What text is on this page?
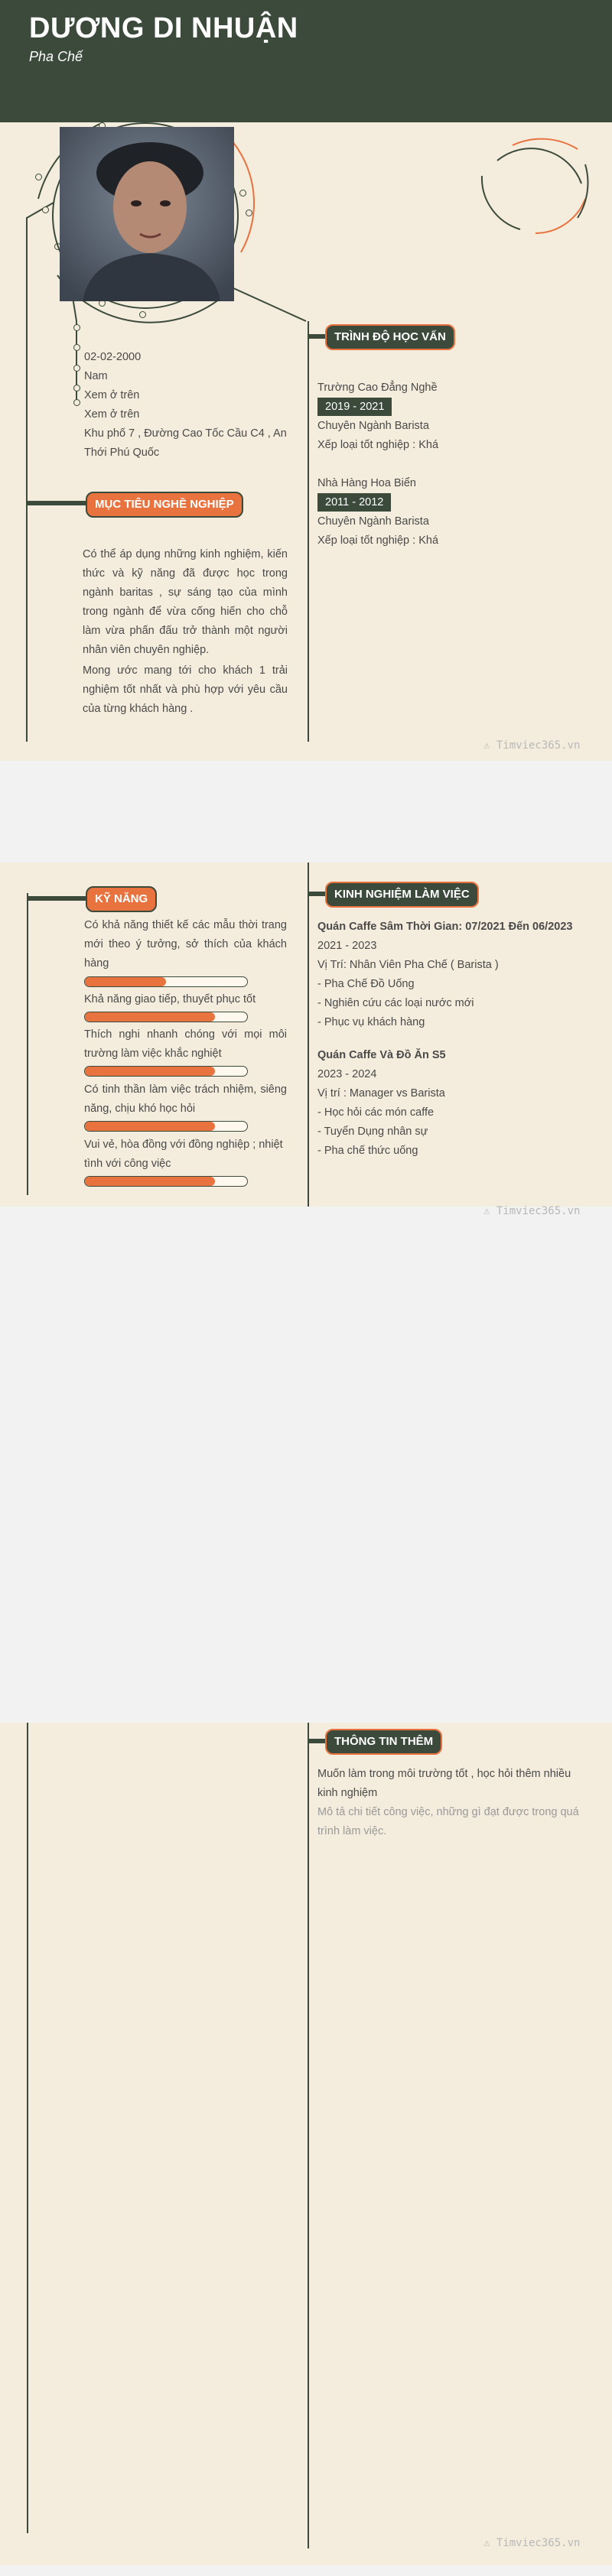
DƯƠNG DI NHUẬN
Pha Chế
02-02-2000
Nam
Xem ở trên
Xem ở trên
Khu phố 7 , Đường Cao Tốc Cầu C4 , An Thới Phú Quốc
MỤC TIÊU NGHỀ NGHIỆP
Có thể áp dụng những kinh nghiệm, kiến thức và kỹ năng đã được học trong ngành baritas , sự sáng tạo của mình trong ngành để vừa cống hiến cho chỗ làm vừa phấn đấu trở thành một người nhân viên chuyên nghiệp.
Mong ước mang tới cho khách 1 trải nghiệm tốt nhất và phù hợp với yêu cầu của từng khách hàng .
TRÌNH ĐỘ HỌC VẤN
Trường Cao Đẳng Nghề
2019 - 2021
Chuyên Ngành Barista
Xếp loại tốt nghiệp : Khá
Nhà Hàng Hoa Biển
2011 - 2012
Chuyên Ngành Barista
Xếp loại tốt nghiệp : Khá
⚠ Timviec365.vn
KỸ NĂNG
Có khả năng thiết kế các mẫu thời trang mới theo ý tưởng, sở thích của khách hàng
Khả năng giao tiếp, thuyết phục tốt
Thích nghi nhanh chóng với mọi môi trường làm việc khắc nghiệt
Có tinh thần làm việc trách nhiệm, siêng năng, chịu khó học hỏi
Vui vẻ, hòa đồng với đồng nghiệp ; nhiệt tình với công việc
KINH NGHIỆM LÀM VIỆC
Quán Caffe Sâm Thời Gian: 07/2021 Đến 06/2023
2021 - 2023
Vị Trí: Nhân Viên Pha Chế ( Barista )
- Pha Chế Đồ Uống
- Nghiên cứu các loại nước mới
- Phục vụ khách hàng
Quán Caffe Và Đồ Ăn S5
2023 - 2024
Vị trí : Manager vs Barista
- Học hỏi các món caffe
- Tuyển Dụng nhân sự
- Pha chế thức uống
⚠ Timviec365.vn
THÔNG TIN THÊM
Muốn làm trong môi trường tốt , học hỏi thêm nhiều kinh nghiệm
Mô tả chi tiết công việc, những gì đạt được trong quá trình làm việc.
⚠ Timviec365.vn
